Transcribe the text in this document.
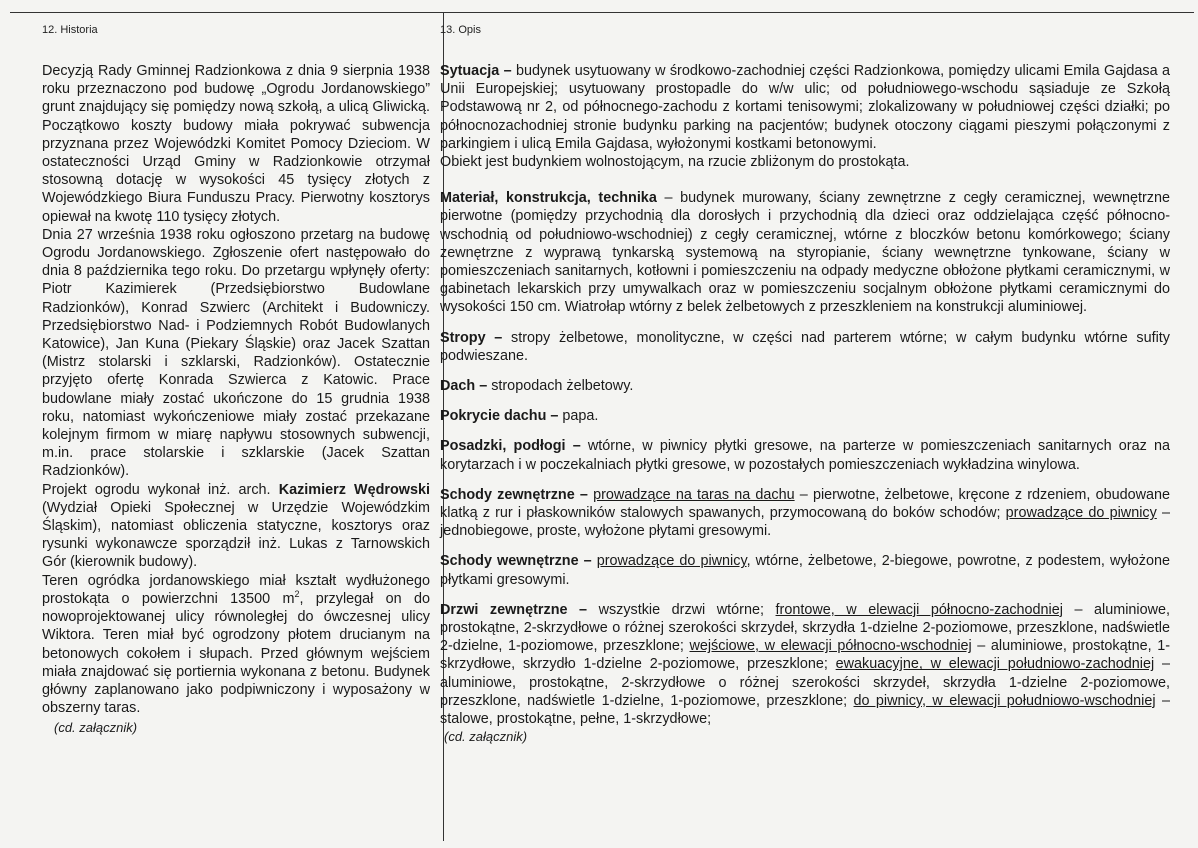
12. Historia	13. Opis

Decyzją Rady Gminnej Radzionkowa z dnia 9 sierpnia 1938 roku przeznaczono pod budowę „Ogrodu Jordanowskiego” grunt znajdujący się pomiędzy nową szkołą, a ulicą Gliwicką. Początkowo koszty budowy miała pokrywać subwencja przyznana przez Wojewódzki Komitet Pomocy Dzieciom. W ostateczności Urząd Gminy w Radzionkowie otrzymał stosowną dotację w wysokości 45 tysięcy złotych z Wojewódzkiego Biura Funduszu Pracy. Pierwotny kosztorys opiewał na kwotę 110 tysięcy złotych.

Dnia 27 września 1938 roku ogłoszono przetarg na budowę Ogrodu Jordanowskiego. Zgłoszenie ofert następowało do dnia 8 października tego roku. Do przetargu wpłynęły oferty: Piotr Kazimierek (Przedsiębiorstwo Budowlane Radzionków), Konrad Szwierc (Architekt i Budowniczy. Przedsiębiorstwo Nad- i Podziemnych Robót Budowlanych Katowice), Jan Kuna (Piekary Śląskie) oraz Jacek Szattan (Mistrz stolarski i szklarski, Radzionków). Ostatecznie przyjęto ofertę Konrada Szwierca z Katowic. Prace budowlane miały zostać ukończone do 15 grudnia 1938 roku, natomiast wykończeniowe miały zostać przekazane kolejnym firmom w miarę napływu stosownych subwencji, m.in. prace stolarskie i szklarskie (Jacek Szattan Radzionków).

Projekt ogrodu wykonał inż. arch. Kazimierz Wędrowski (Wydział Opieki Społecznej w Urzędzie Wojewódzkim Śląskim), natomiast obliczenia statyczne, kosztorys oraz rysunki wykonawcze sporządził inż. Lukas z Tarnowskich Gór (kierownik budowy).

Teren ogródka jordanowskiego miał kształt wydłużonego prostokąta o powierzchni 13500 $m^2$, przylegał on do nowoprojektowanej ulicy równoległej do ówczesnej ulicy Wiktora. Teren miał być ogrodzony płotem drucianym na betonowych cokołem i słupach. Przed głównym wejściem miała znajdować się portiernia wykonana z betonu. Budynek główny zaplanowano jako podpiwniczony i wyposażony w obszerny taras.

(cd. załącznik)
Sytuacja – budynek usytuowany w środkowo-zachodniej części Radzionkowa, pomiędzy ulicami Emila Gajdasa a Unii Europejskiej; usytuowany prostopadle do w/w ulic; od południowego-wschodu sąsiaduje ze Szkołą Podstawową nr 2, od północnego-zachodu z kortami tenisowymi; zlokalizowany w południowej części działki; po północnozachodniej stronie budynku parking na pacjentów; budynek otoczony ciągami pieszymi połączonymi z parkingiem i ulicą Emila Gajdasa, wyłożonymi kostkami betonowymi.
Obiekt jest budynkiem wolnostojącym, na rzucie zbliżonym do prostokąta.
Materiał, konstrukcja, technika – budynek murowany, ściany zewnętrzne z cegły ceramicznej, wewnętrzne pierwotne (pomiędzy przychodnią dla dorosłych i przychodnią dla dzieci oraz oddzielająca część północno-wschodnią od południowo-wschodniej) z cegły ceramicznej, wtórne z bloczków betonu komórkowego; ściany zewnętrzne z wyprawą tynkarską systemową na styropianie, ściany wewnętrzne tynkowane, ściany w pomieszczeniach sanitarnych, kotłowni i pomieszczeniu na odpady medyczne obłożone płytkami ceramicznymi, w gabinetach lekarskich przy umywalkach oraz w pomieszczeniu socjalnym obłożone płytkami ceramicznymi do wysokości 150 cm. Wiatrołap wtórny z belek żelbetowych z przeszkleniem na konstrukcji aluminiowej.
Stropy – stropy żelbetowe, monolityczne, w części nad parterem wtórne; w całym budynku wtórne sufity podwieszane.
Dach – stropodach żelbetowy.
Pokrycie dachu – papa.
Posadzki, podłogi – wtórne, w piwnicy płytki gresowe, na parterze w pomieszczeniach sanitarnych oraz na korytarzach i w poczekalniach płytki gresowe, w pozostałych pomieszczeniach wykładzina winylowa.
Schody zewnętrzne – prowadzące na taras na dachu – pierwotne, żelbetowe, kręcone z rdzeniem, obudowane klatką z rur i płaskowników stalowych spawanych, przymocowaną do boków schodów; prowadzące do piwnicy – jednobiegowe, proste, wyłożone płytami gresowymi.
Schody wewnętrzne – prowadzące do piwnicy, wtórne, żelbetowe, 2-biegowe, powrotne, z podestem, wyłożone płytkami gresowymi.
Drzwi zewnętrzne – wszystkie drzwi wtórne; frontowe, w elewacji północno-zachodniej – aluminiowe, prostokątne, 2-skrzydłowe o różnej szerokości skrzydeł, skrzydła 1-dzielne 2-poziomowe, przeszklone, nadświetle 2-dzielne, 1-poziomowe, przeszklone; wejściowe, w elewacji północno-wschodniej – aluminiowe, prostokątne, 1-skrzydłowe, skrzydło 1-dzielne 2-poziomowe, przeszklone; ewakuacyjne, w elewacji południowo-zachodniej – aluminiowe, prostokątne, 2-skrzydłowe o różnej szerokości skrzydeł, skrzydła 1-dzielne 2-poziomowe, przeszklone, nadświetle 1-dzielne, 1-poziomowe, przeszklone; do piwnicy, w elewacji południowo-wschodniej – stalowe, prostokątne, pełne, 1-skrzydłowe;
(cd. załącznik)
